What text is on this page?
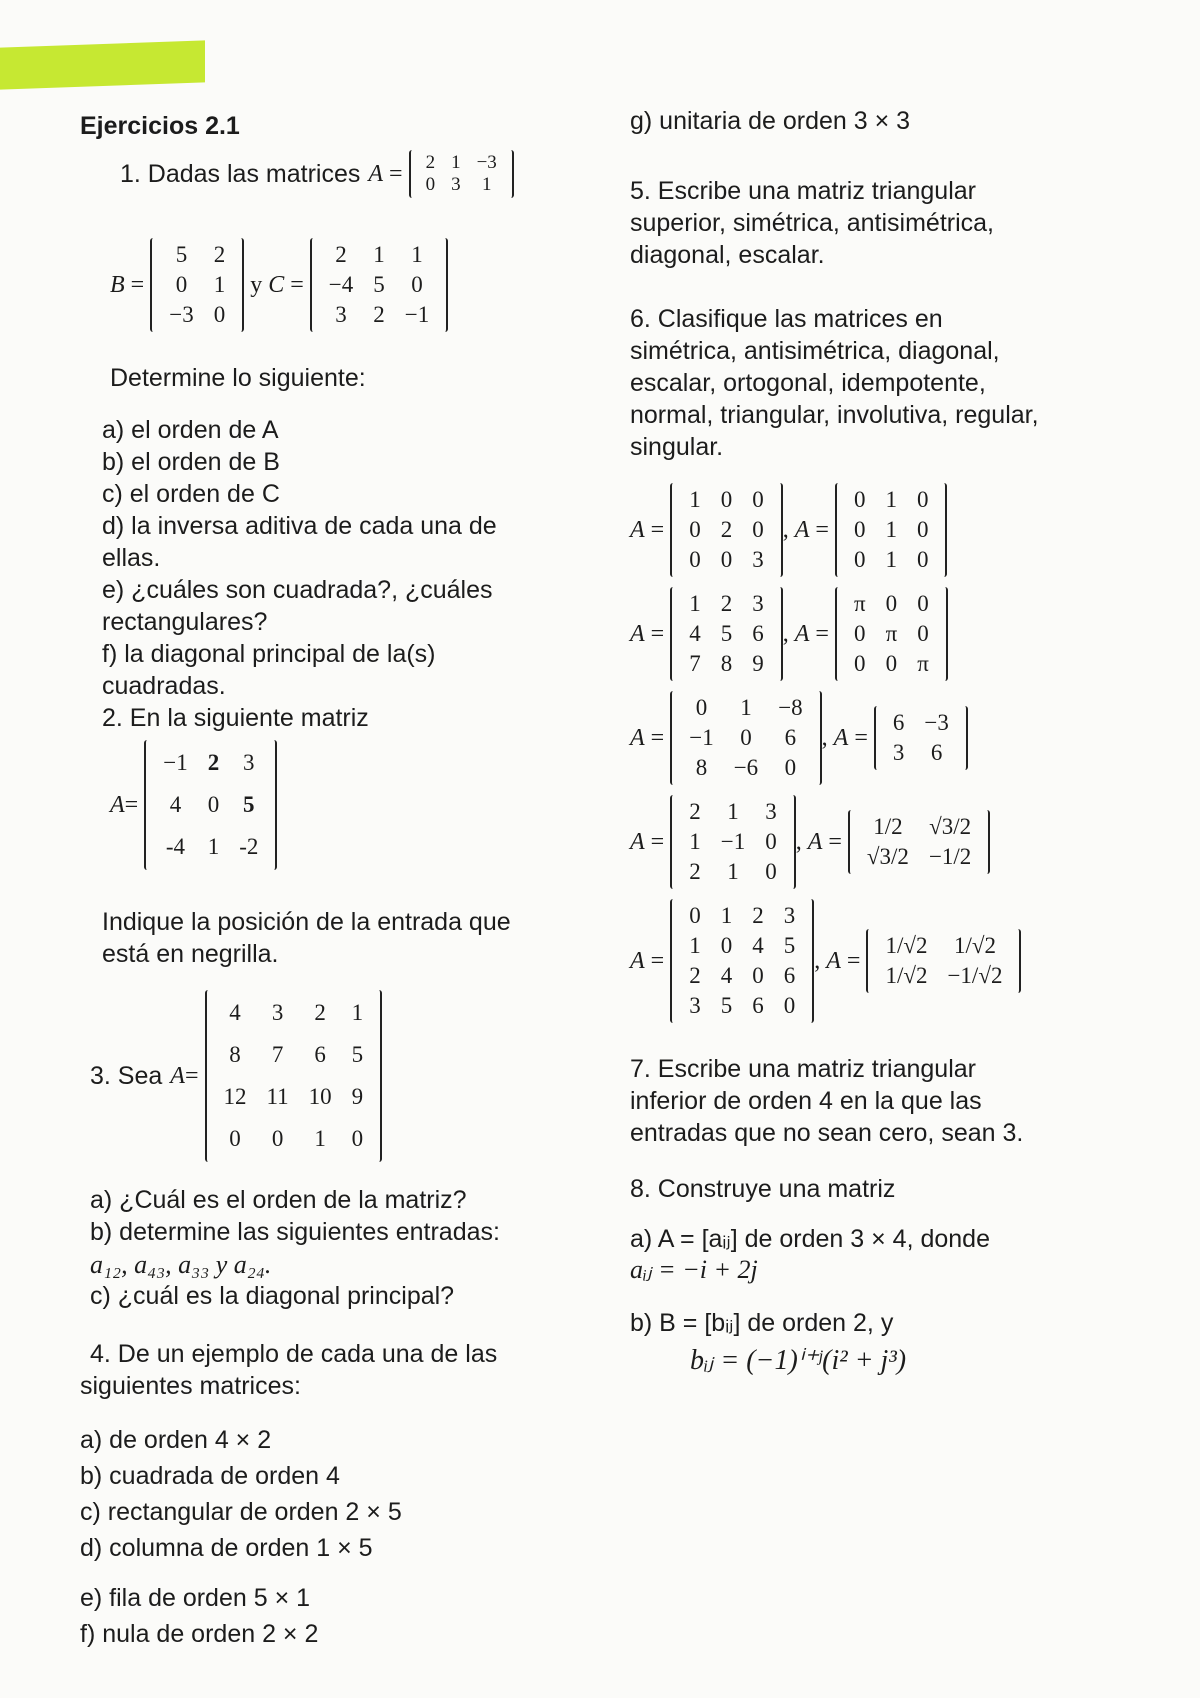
Ejercicios 2.1

1. Dadas las matrices A = 2	1	−3
0	3	1
B =
5	2
0	1
−3	0
y C =
2	1	1
−4	5	0
3	2	−1

Determine lo siguiente:

a) el orden de A

b) el orden de B

c) el orden de C

d) la inversa aditiva de cada una de

ellas.

e) ¿cuáles son cuadrada?, ¿cuáles

rectangulares?

f) la diagonal principal de la(s)

cuadradas.

2. En la siguiente matriz

A=
−1	2	3
4	0	5
-4	1	-2

Indique la posición de la entrada que

está en negrilla.

3. Sea A=
4	3	2	1
8	7	6	5
12	11	10	9
0	0	1	0

a) ¿Cuál es el orden de la matriz?

b) determine las siguientes entradas:

a₁₂, a₄₃, a₃₃ y a₂₄.

c) ¿cuál es la diagonal principal?

4. De un ejemplo de cada una de las

siguientes matrices:

a) de orden 4 × 2

b) cuadrada de orden 4

c) rectangular de orden 2 × 5

d) columna de orden 1 × 5

e) fila de orden 5 × 1

f) nula de orden 2 × 2

g) unitaria de orden 3 × 3

5. Escribe una matriz triangular

superior, simétrica, antisimétrica,

diagonal, escalar.

6. Clasifique las matrices en

simétrica, antisimétrica, diagonal,

escalar, ortogonal, idempotente,

normal, triangular, involutiva, regular,

singular.

A =
1	0	0
0	2	0
0	0	3
, A =
0	1	0
0	1	0
0	1	0
A =
1	2	3
4	5	6
7	8	9
, A =
π	0	0
0	π	0
0	0	π
A =
0	1	−8
−1	0	6
8	−6	0
, A =
6	−3
3	6
A =
2	1	3
1	−1	0
2	1	0
, A =
1/2	√3/2
√3/2	−1/2
A =
0	1	2	3
1	0	4	5
2	4	0	6
3	5	6	0
, A =
1/√2	1/√2
1/√2	−1/√2

7. Escribe una matriz triangular

inferior de orden 4 en la que las

entradas que no sean cero, sean 3.

8. Construye una matriz

a) A = [aᵢⱼ] de orden 3 × 4, donde

aᵢⱼ = −i + 2j

b) B = [bᵢⱼ] de orden 2, y

bᵢⱼ = (−1)ⁱ⁺ʲ(i² + j³)
